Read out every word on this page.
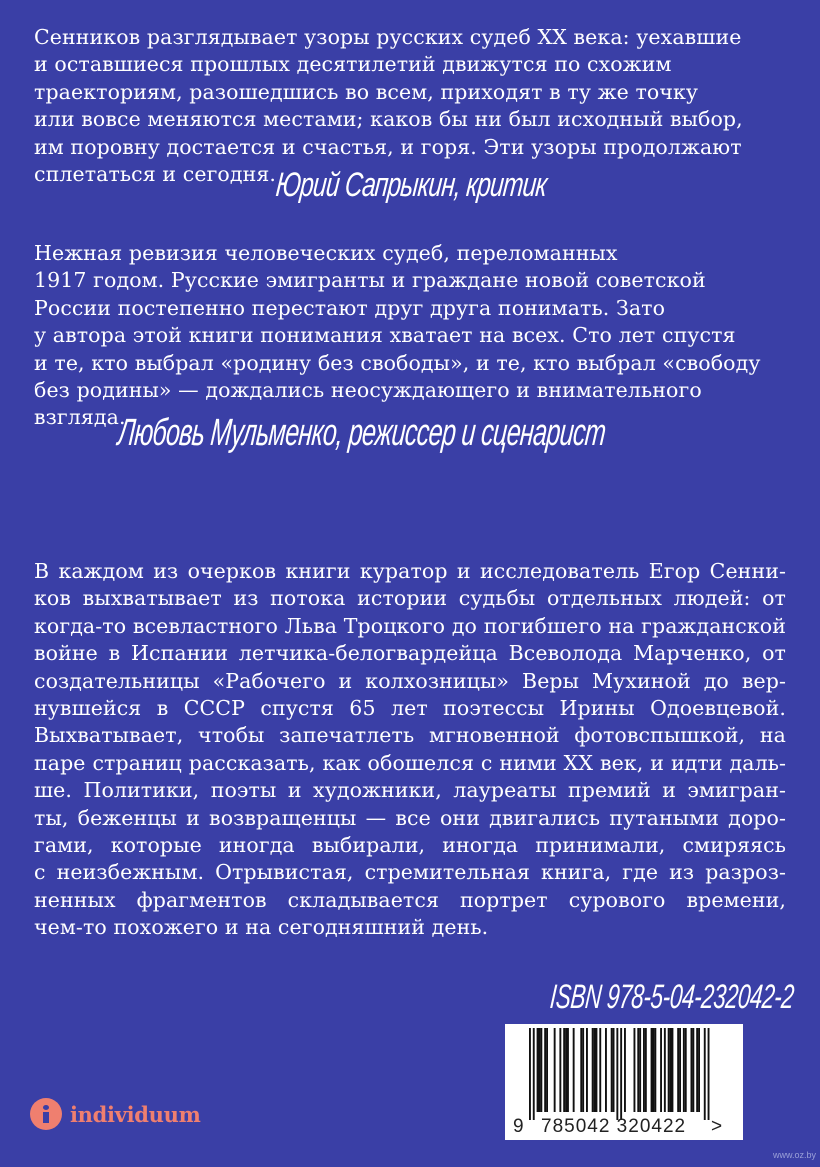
Сенников разглядывает узоры русских судеб XX века: уехавшие
и оставшиеся прошлых десятилетий движутся по схожим
траекториям, разошедшись во всем, приходят в ту же точку
или вовсе меняются местами; каков бы ни был исходный выбор,
им поровну достается и счастья, и горя. Эти узоры продолжают
сплетаться и сегодня.
Юрий Сапрыкин, критик
Нежная ревизия человеческих судеб, переломанных
1917 годом. Русские эмигранты и граждане новой советской
России постепенно перестают друг друга понимать. Зато
у автора этой книги понимания хватает на всех. Сто лет спустя
и те, кто выбрал «родину без свободы», и те, кто выбрал «свободу
без родины» — дождались неосуждающего и внимательного
взгляда.
Любовь Мульменко, режиссер и сценарист
В каждом из очерков книги куратор и исследователь Егор Сенни-
ков выхватывает из потока истории судьбы отдельных людей: от
когда-то всевластного Льва Троцкого до погибшего на гражданской
войне в Испании летчика-белогвардейца Всеволода Марченко, от
создательницы «Рабочего и колхозницы» Веры Мухиной до вер-
нувшейся в СССР спустя 65 лет поэтессы Ирины Одоевцевой.
Выхватывает, чтобы запечатлеть мгновенной фотовспышкой, на
паре страниц рассказать, как обошелся с ними XX век, и идти даль-
ше. Политики, поэты и художники, лауреаты премий и эмигран-
ты, беженцы и возвращенцы — все они двигались путаными доро-
гами, которые иногда выбирали, иногда принимали, смиряясь
с неизбежным. Отрывистая, стремительная книга, где из разроз-
ненных фрагментов складывается портрет сурового времени,
чем-то похожего и на сегодняшний день.
ISBN 978-5-04-232042-2
9 785042 320422 >
individuum
www.oz.by
